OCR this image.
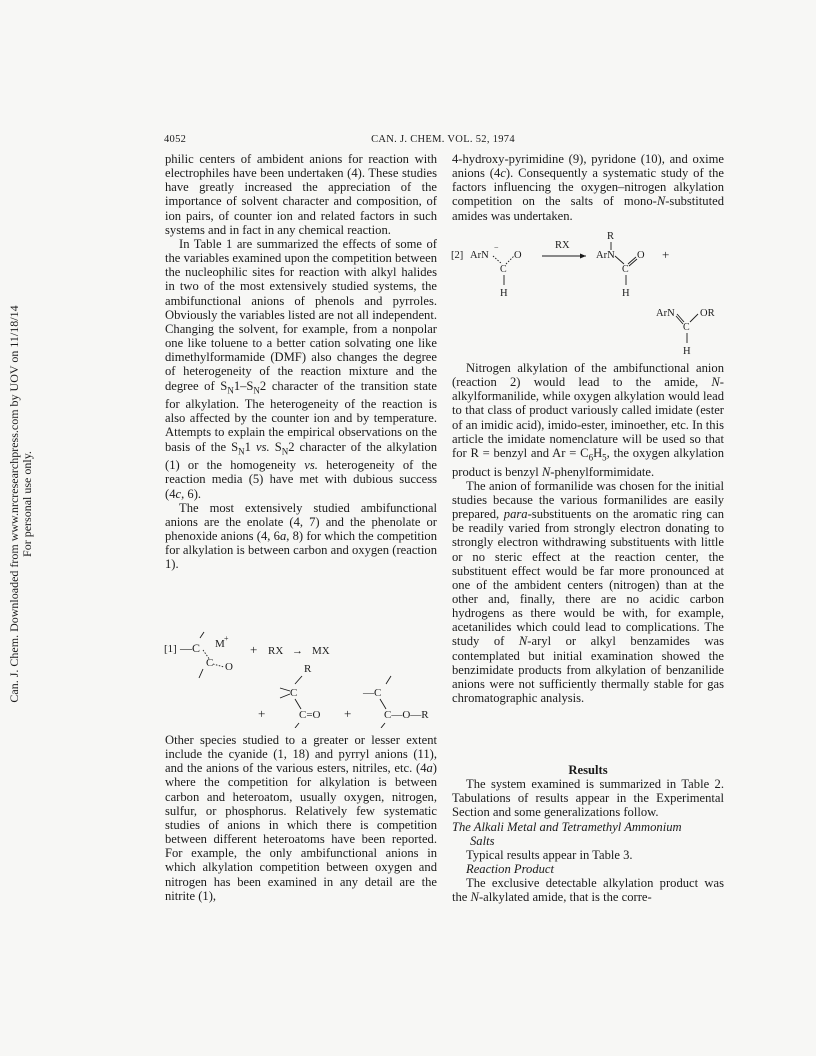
Can. J. Chem. Downloaded from www.nrcresearchpress.com by UOV on 11/18/14 For personal use only.
4052	CAN. J. CHEM. VOL. 52, 1974

philic centers of ambident anions for reaction with electrophiles have been undertaken (4). These studies have greatly increased the appreciation of the importance of solvent character and composition, of ion pairs, of counter ion and related factors in such systems and in fact in any chemical reaction.

In Table 1 are summarized the effects of some of the variables examined upon the competition between the nucleophilic sites for reaction with alkyl halides in two of the most extensively studied systems, the ambifunctional anions of phenols and pyrroles. Obviously the variables listed are not all independent. Changing the solvent, for example, from a nonpolar one like toluene to a better cation solvating one like dimethylformamide (DMF) also changes the degree of heterogeneity of the reaction mixture and the degree of $S_N1-S_N2$ character of the transition state for alkylation. The heterogeneity of the reaction is also affected by the counter ion and by temperature. Attempts to explain the empirical observations on the basis of the $S_N1$ vs. $S_N2$ character of the alkylation (1) or the homogeneity vs. heterogeneity of the reaction media (5) have met with dubious success (4c, 6).

The most extensively studied ambifunctional anions are the enolate (4, 7) and the phenolate or phenoxide anions (4, 6a, 8) for which the competition for alkylation is between carbon and oxygen (reaction 1).

[1] —C M +
C O
+ RX → MX
+
R
C
C=O +
—C
C—O—R

Other species studied to a greater or lesser extent include the cyanide (1, 18) and pyrryl anions (11), and the anions of the various esters, nitriles, etc. (4a) where the competition for alkylation is between carbon and heteroatom, usually oxygen, nitrogen, sulfur, or phosphorus. Relatively few systematic studies of anions in which there is competition between different heteroatoms have been reported. For example, the only ambifunctional anions in which alkylation competition between oxygen and nitrogen has been examined in any detail are the nitrite (1),

4-hydroxy-pyrimidine (9), pyridone (10), and oxime anions (4c). Consequently a systematic study of the factors influencing the oxygen–nitrogen alkylation competition on the salts of mono-N-substituted amides was undertaken.

[2] ArN
−
O
C
H
RX
R
ArN O
C
H
+
ArN OR
C
H

Nitrogen alkylation of the ambifunctional anion (reaction 2) would lead to the amide, N-alkylformanilide, while oxygen alkylation would lead to that class of product variously called imidate (ester of an imidic acid), imido-ester, iminoether, etc. In this article the imidate nomenclature will be used so that for R = benzyl and $Ar = C_6H_5$, the oxygen alkylation product is benzyl N-phenylformimidate.

The anion of formanilide was chosen for the initial studies because the various formanilides are easily prepared, para-substituents on the aromatic ring can be readily varied from strongly electron donating to strongly electron withdrawing substituents with little or no steric effect at the reaction center, the substituent effect would be far more pronounced at one of the ambident centers (nitrogen) than at the other and, finally, there are no acidic carbon hydrogens as there would be with, for example, acetanilides which could lead to complications. The study of N-aryl or alkyl benzamides was contemplated but initial examination showed the benzimidate products from alkylation of benzanilide anions were not sufficiently thermally stable for gas chromatographic analysis.

Results

The system examined is summarized in Table 2. Tabulations of results appear in the Experimental Section and some generalizations follow.

The Alkali Metal and Tetramethyl Ammonium

Salts

Typical results appear in Table 3.

Reaction Product

The exclusive detectable alkylation product was the N-alkylated amide, that is the corre-
